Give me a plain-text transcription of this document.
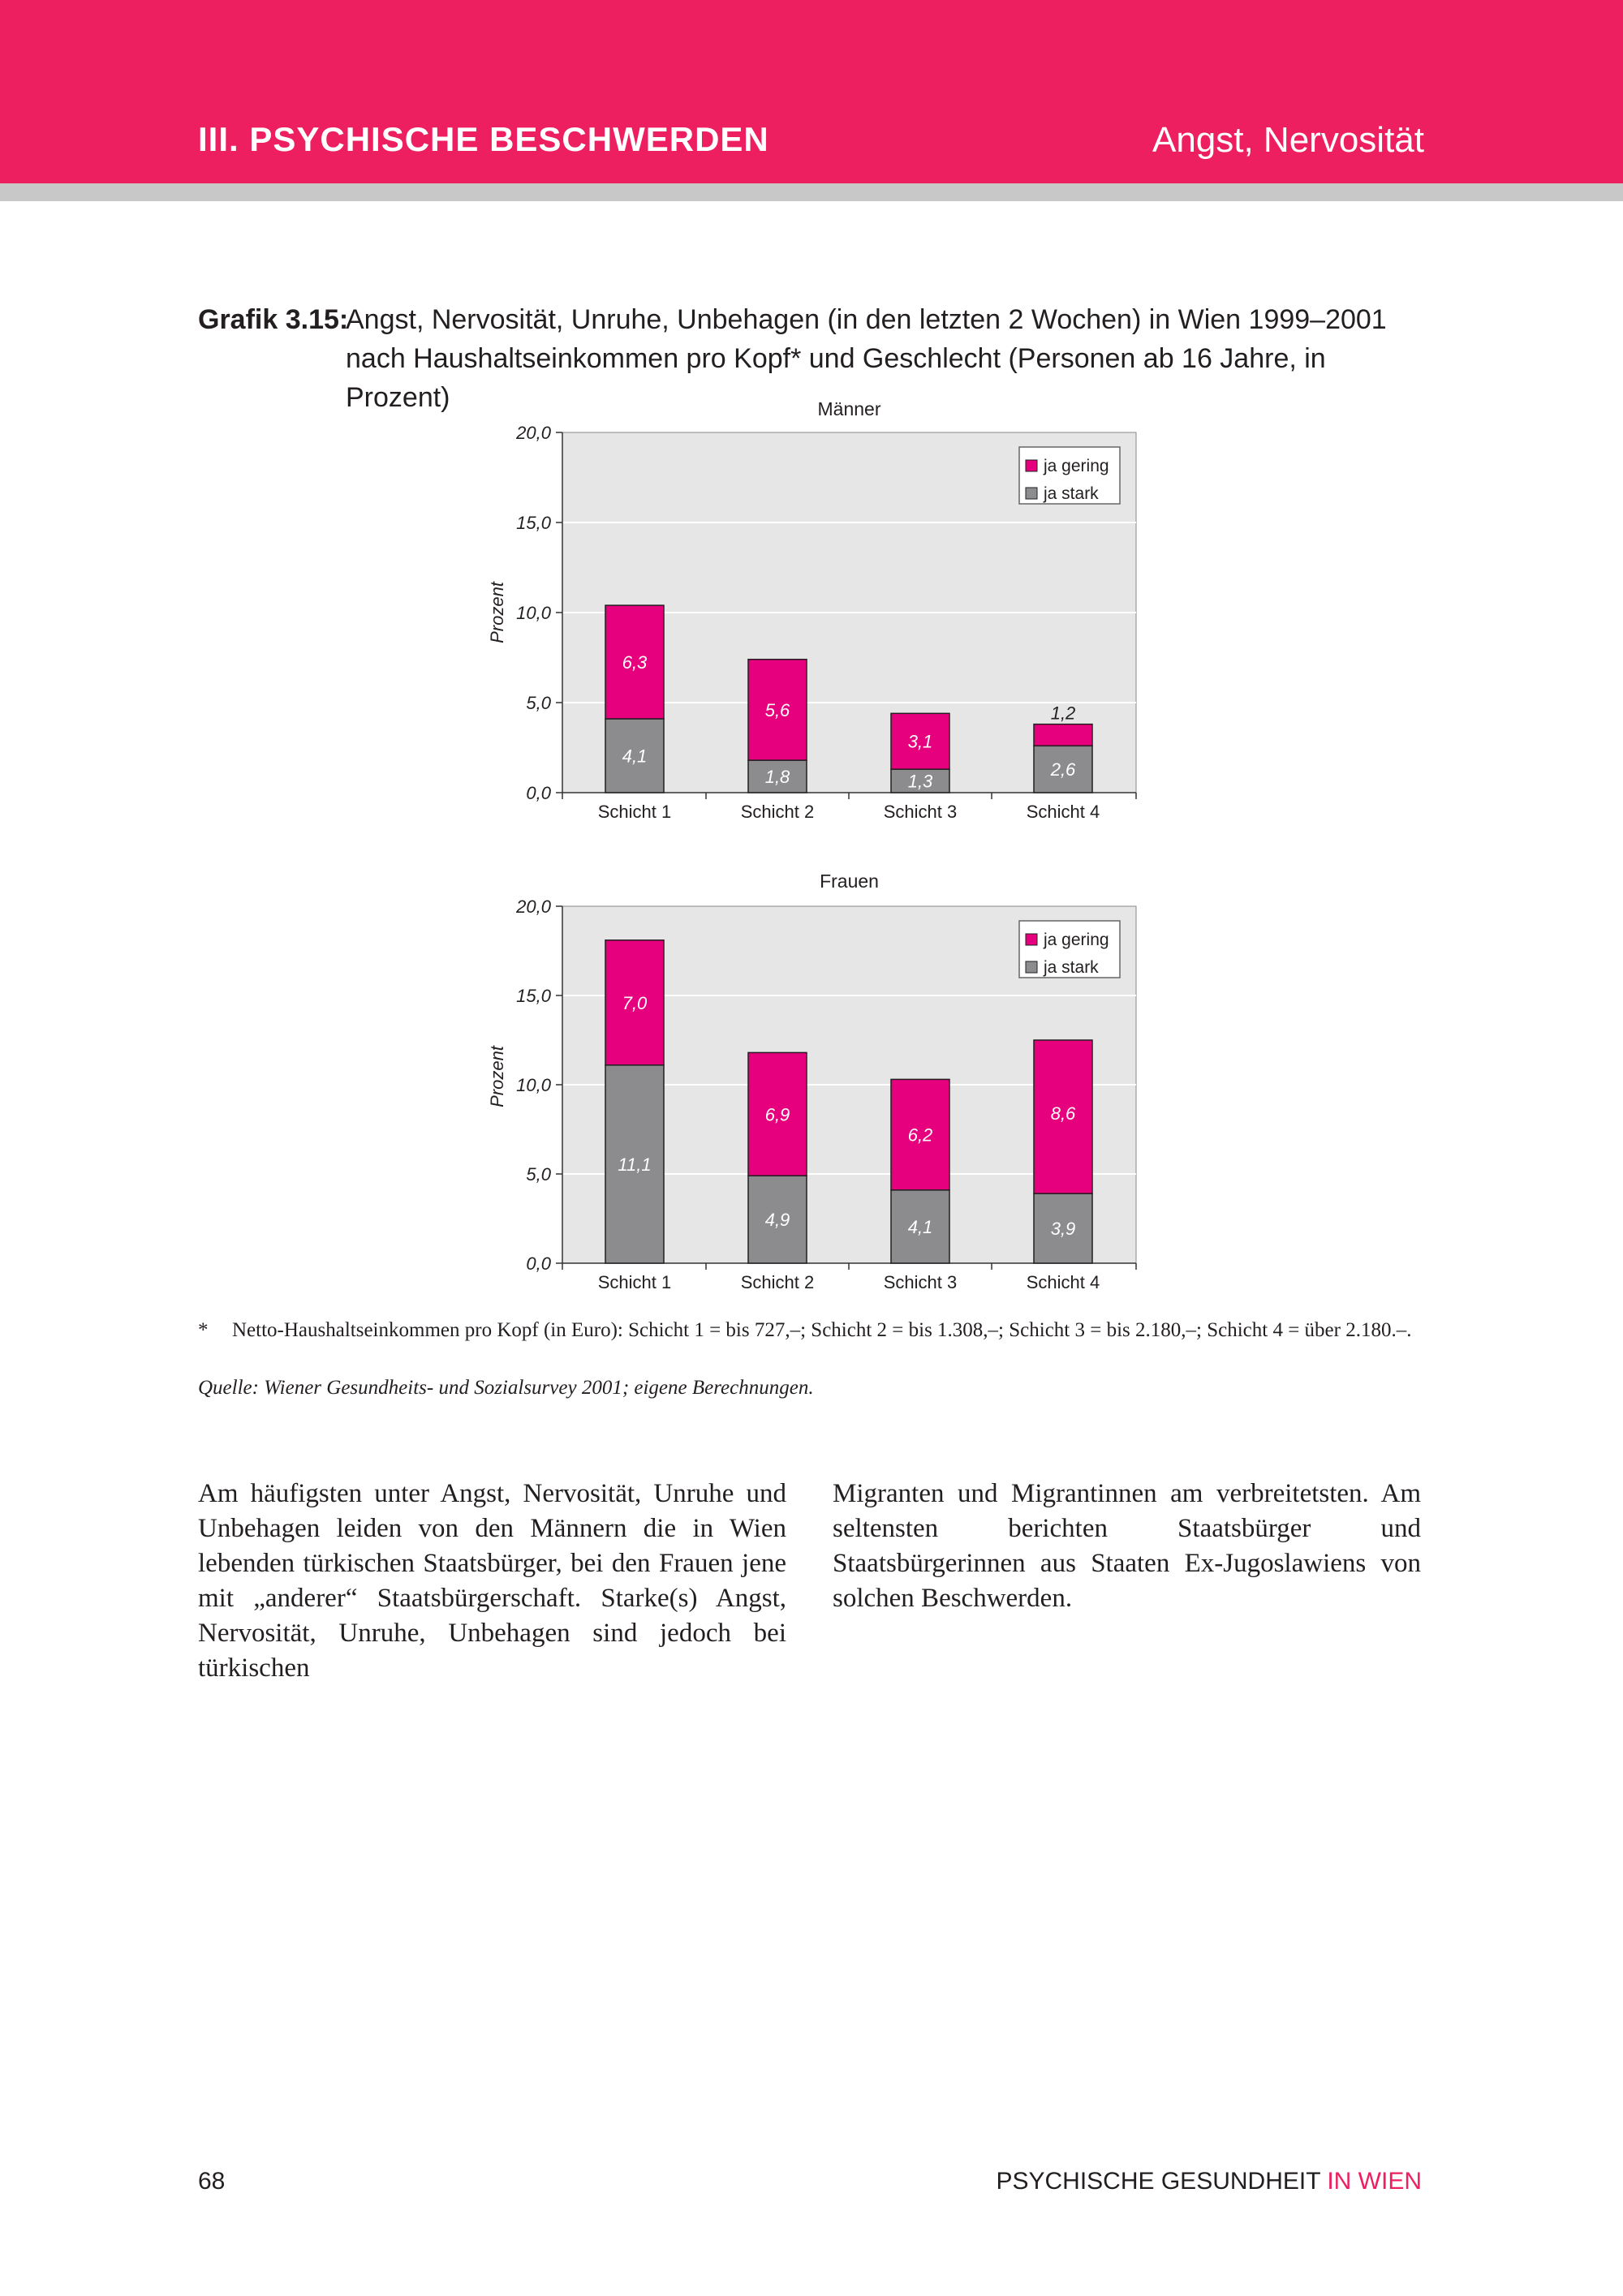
III. PSYCHISCHE BESCHWERDEN	Angst, Nervosität
Grafik 3.15:
Angst, Nervosität, Unruhe, Unbehagen (in den letzten 2 Wochen) in Wien 1999–2001 nach Haushaltseinkommen pro Kopf* und Geschlecht (Personen ab 16 Jahre, in Prozent)
0,0
5,0
10,0
15,0
20,0
Männer
Prozent
4,1
6,3
Schicht 1
1,8
5,6
Schicht 2
1,3
3,1
Schicht 3
2,6
1,2
Schicht 4
ja gering
ja stark
0,0
5,0
10,0
15,0
20,0
Frauen
Prozent
11,1
7,0
Schicht 1
4,9
6,9
Schicht 2
4,1
6,2
Schicht 3
3,9
8,6
Schicht 4
ja gering
ja stark
* Netto-Haushaltseinkommen pro Kopf (in Euro): Schicht 1 = bis 727,–; Schicht 2 = bis 1.308,–; Schicht 3 = bis 2.180,–; Schicht 4 = über 2.180.–.
Quelle: Wiener Gesundheits- und Sozialsurvey 2001; eigene Berechnungen.
Am häufigsten unter Angst, Nervosität, Unruhe und Unbehagen leiden von den Männern die in Wien lebenden türkischen Staatsbürger, bei den Frauen jene mit „anderer“ Staatsbürgerschaft. Starke(s) Angst, Nervosität, Unruhe, Unbehagen sind jedoch bei türkischen
Migranten und Migrantinnen am verbreitetsten. Am seltensten berichten Staatsbürger und Staatsbürgerinnen aus Staaten Ex-Jugoslawiens von solchen Beschwerden.
68	PSYCHISCHE GESUNDHEIT IN WIEN
